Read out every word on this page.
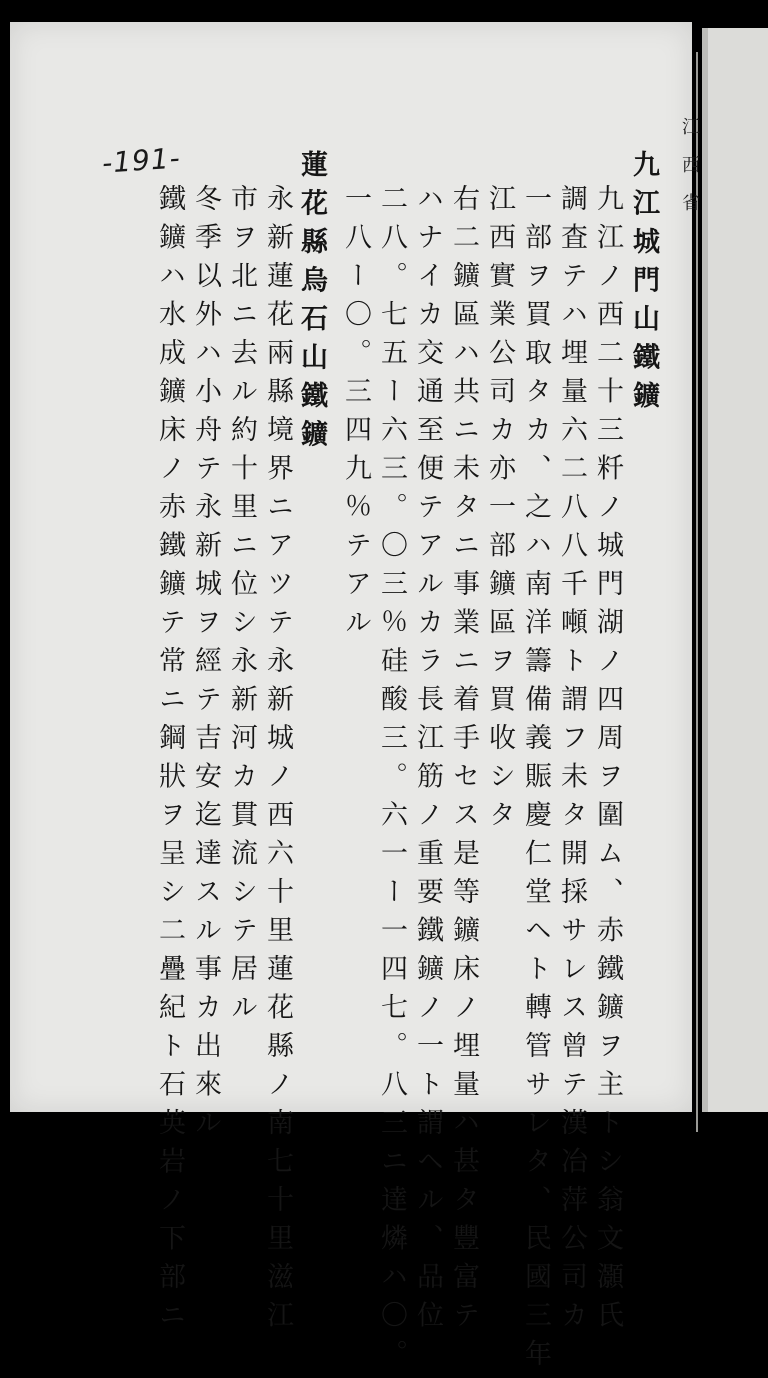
江西省
-191-	九江城門山鐵鑛
九江ノ西二十三粁ノ城門湖ノ四周ヲ圍ム、赤鐵鑛ヲ主トシ翁文灝氏
調査テハ埋量六二八八千噸ト謂フ未タ開採サレス曾テ漢冶萍公司カ
一部ヲ買取タカ、之ハ南洋籌備義賑慶仁堂ヘト轉管サレタ、民國三年
江西實業公司カ亦一部鑛區ヲ買收シタ
右二鑛區ハ共ニ未タニ事業ニ着手セス是等鑛床ノ埋量ハ甚タ豐富テ
ハナイカ交通至便テアルカラ長江筋ノ重要鐵鑛ノ一ト謂ヘル、品位
二八。七五ー六三。〇三％硅酸三。六一ー一四七。八三ニ達燐ハ〇。
一八ー〇。三四九％テアル
蓮花縣烏石山鐵鑛
永新蓮花兩縣境界ニアツテ永新城ノ西六十里蓮花縣ノ南七十里滋江
市ヲ北ニ去ル約十里ニ位シ永新河カ貫流シテ居ル
冬季以外ハ小舟テ永新城ヲ經テ吉安迄達スル事カ出來ル
鐵鑛ハ水成鑛床ノ赤鐵鑛テ常ニ鋼狀ヲ呈シ二疊紀ト石英岩ノ下部ニ
